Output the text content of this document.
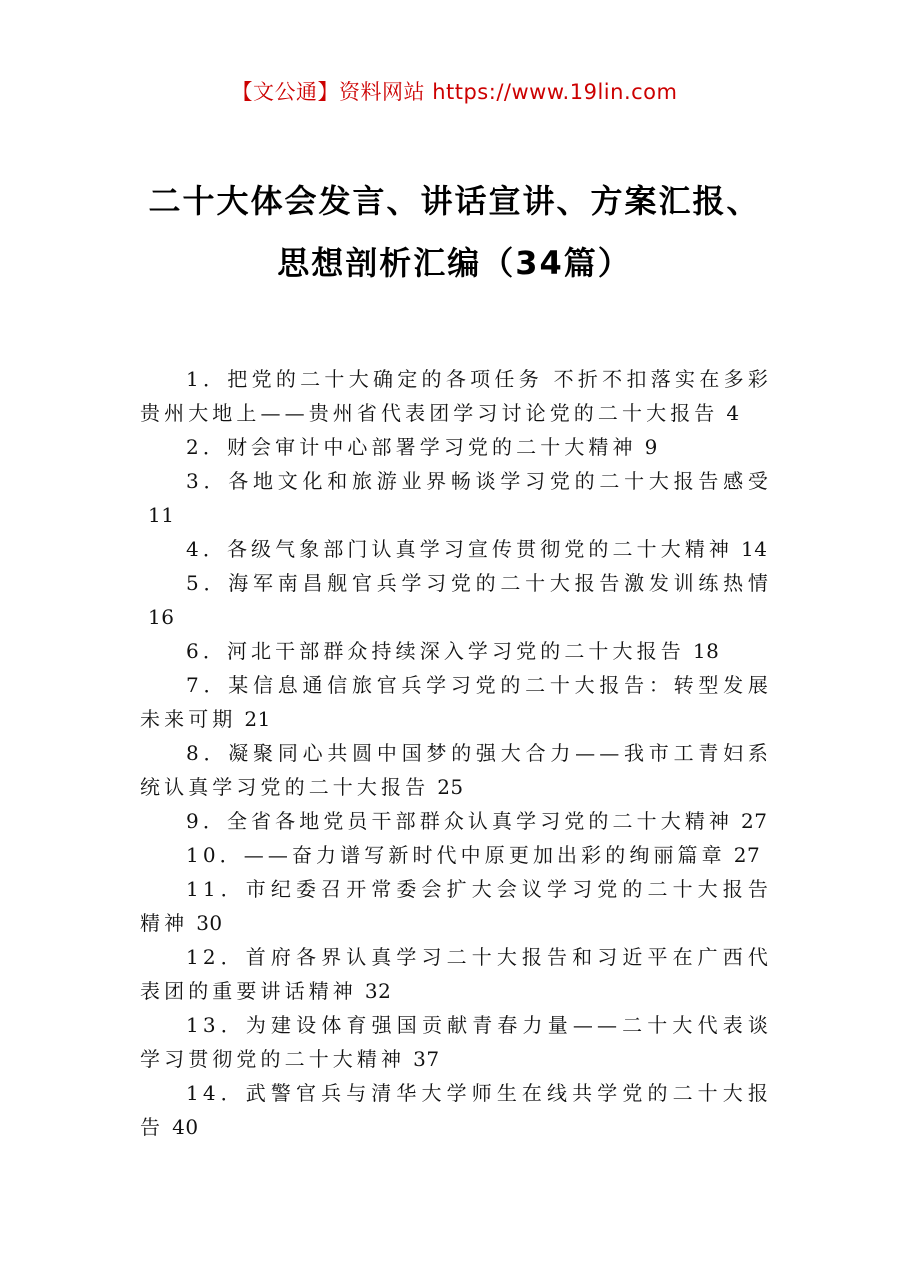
【文公通】资料网站 https://www.19lin.com
二十大体会发言、讲话宣讲、方案汇报、
思想剖析汇编（34篇）
1．把党的二十大确定的各项任务 不折不扣落实在多彩贵州大地上——贵州省代表团学习讨论党的二十大报告 4
2．财会审计中心部署学习党的二十大精神 9
3．各地文化和旅游业界畅谈学习党的二十大报告感受11
4．各级气象部门认真学习宣传贯彻党的二十大精神 14
5．海军南昌舰官兵学习党的二十大报告激发训练热情16
6．河北干部群众持续深入学习党的二十大报告 18
7．某信息通信旅官兵学习党的二十大报告：转型发展未来可期 21
8．凝聚同心共圆中国梦的强大合力——我市工青妇系统认真学习党的二十大报告 25
9．全省各地党员干部群众认真学习党的二十大精神 27
10．——奋力谱写新时代中原更加出彩的绚丽篇章 27
11．市纪委召开常委会扩大会议学习党的二十大报告精神 30
12．首府各界认真学习二十大报告和习近平在广西代表团的重要讲话精神 32
13．为建设体育强国贡献青春力量——二十大代表谈学习贯彻党的二十大精神 37
14．武警官兵与清华大学师生在线共学党的二十大报告 40
